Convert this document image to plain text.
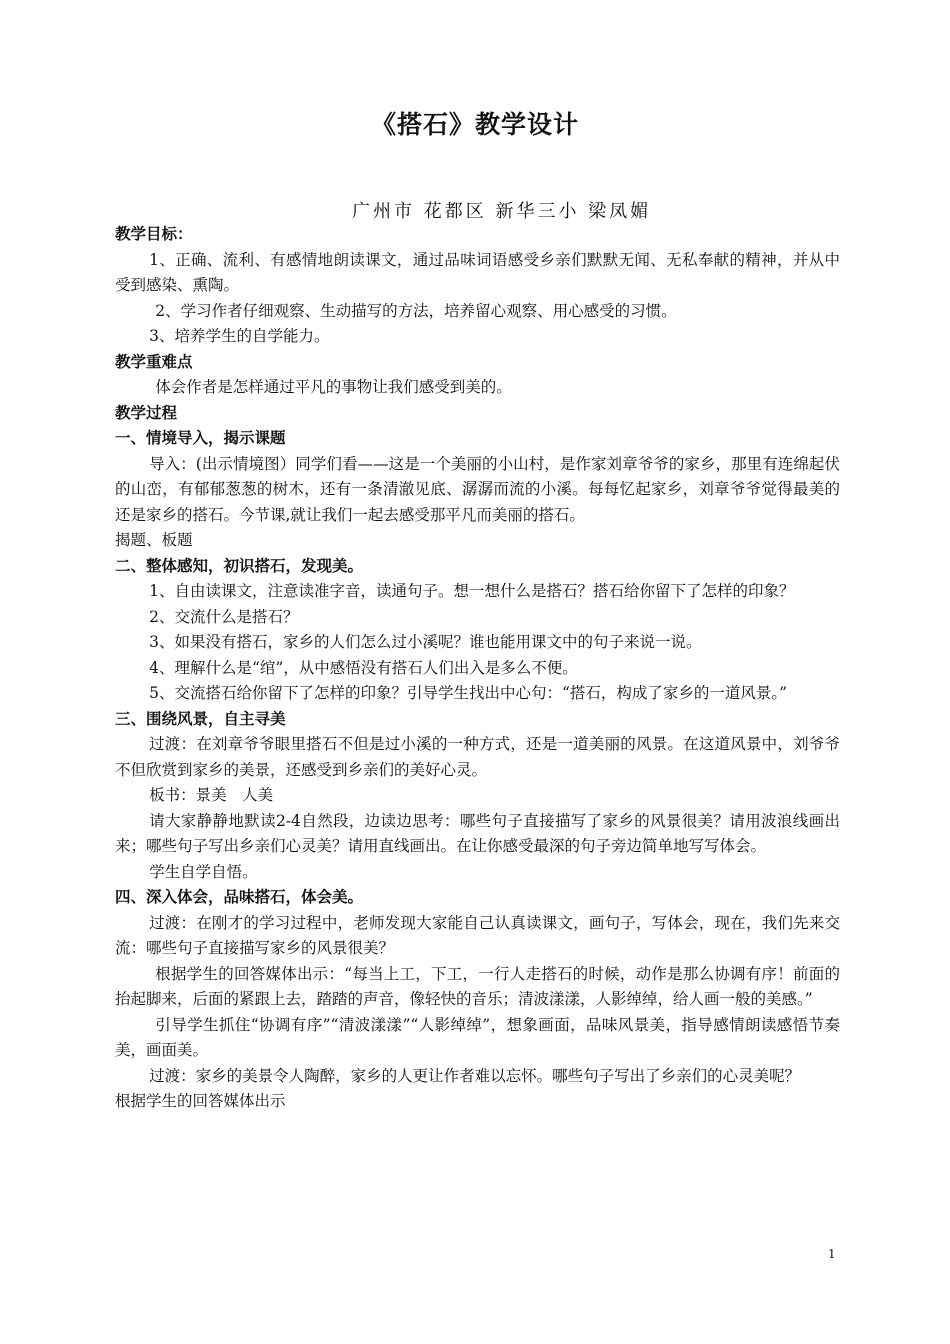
《搭石》教学设计
广州市 花都区 新华三小 梁凤媚

教学目标：

1、正确、流利、有感情地朗读课文，通过品味词语感受乡亲们默默无闻、无私奉献的精神，并从中受到感染、熏陶。

2、学习作者仔细观察、生动描写的方法，培养留心观察、用心感受的习惯。

3、培养学生的自学能力。

教学重难点

体会作者是怎样通过平凡的事物让我们感受到美的。

教学过程

一、情境导入，揭示课题

导入：(出示情境图）同学们看——这是一个美丽的小山村，是作家刘章爷爷的家乡，那里有连绵起伏的山峦，有郁郁葱葱的树木，还有一条清澈见底、潺潺而流的小溪。每每忆起家乡，刘章爷爷觉得最美的还是家乡的搭石。今节课,就让我们一起去感受那平凡而美丽的搭石。

揭题、板题

二、整体感知，初识搭石，发现美。

1、自由读课文，注意读准字音，读通句子。想一想什么是搭石？搭石给你留下了怎样的印象？

2、交流什么是搭石？

3、如果没有搭石，家乡的人们怎么过小溪呢？谁也能用课文中的句子来说一说。

4、理解什么是“绾”，从中感悟没有搭石人们出入是多么不便。

5、交流搭石给你留下了怎样的印象？引导学生找出中心句：“搭石，构成了家乡的一道风景。”

三、围绕风景，自主寻美

过渡：在刘章爷爷眼里搭石不但是过小溪的一种方式，还是一道美丽的风景。在这道风景中，刘爷爷不但欣赏到家乡的美景，还感受到乡亲们的美好心灵。

板书：景美　人美

请大家静静地默读2-4自然段，边读边思考：哪些句子直接描写了家乡的风景很美？请用波浪线画出来；哪些句子写出乡亲们心灵美？请用直线画出。在让你感受最深的句子旁边简单地写写体会。

学生自学自悟。

四、深入体会，品味搭石，体会美。

过渡：在刚才的学习过程中，老师发现大家能自己认真读课文，画句子，写体会，现在，我们先来交流：哪些句子直接描写家乡的风景很美？

根据学生的回答媒体出示：“每当上工，下工，一行人走搭石的时候，动作是那么协调有序！前面的抬起脚来，后面的紧跟上去，踏踏的声音，像轻快的音乐；清波漾漾，人影绰绰，给人画一般的美感。”

引导学生抓住“协调有序”“清波漾漾”“人影绰绰”，想象画面，品味风景美，指导感情朗读感悟节奏美，画面美。

过渡：家乡的美景令人陶醉，家乡的人更让作者难以忘怀。哪些句子写出了乡亲们的心灵美呢？

根据学生的回答媒体出示

1
